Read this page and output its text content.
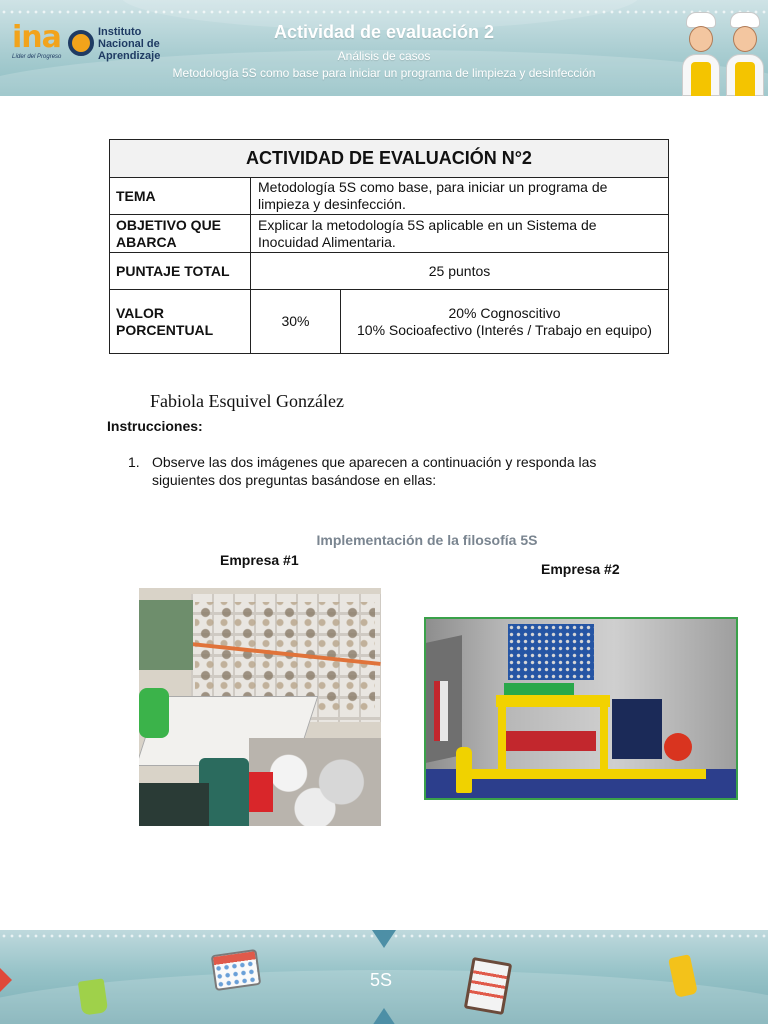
ina
Líder del Progreso
Instituto
Nacional de
Aprendizaje
Actividad de evaluación 2
Análisis de casos
Metodología 5S como base para iniciar un programa de limpieza y desinfección
ACTIVIDAD DE EVALUACIÓN N°2		
TEMA	Metodología 5S como base, para iniciar un programa de limpieza y desinfección.	
OBJETIVO QUE ABARCA	Explicar la metodología 5S aplicable en un Sistema de Inocuidad Alimentaria.	
PUNTAJE TOTAL	25 puntos	
VALOR PORCENTUAL	30%	20% Cognoscitivo
10% Socioafectivo (Interés / Trabajo en equipo)
Fabiola Esquivel González
Instrucciones:
1. Observe las dos imágenes que aparecen a continuación y responda las siguientes dos preguntas basándose en ellas:
Implementación de la filosofía 5S
Empresa #1
Empresa #2
5S
